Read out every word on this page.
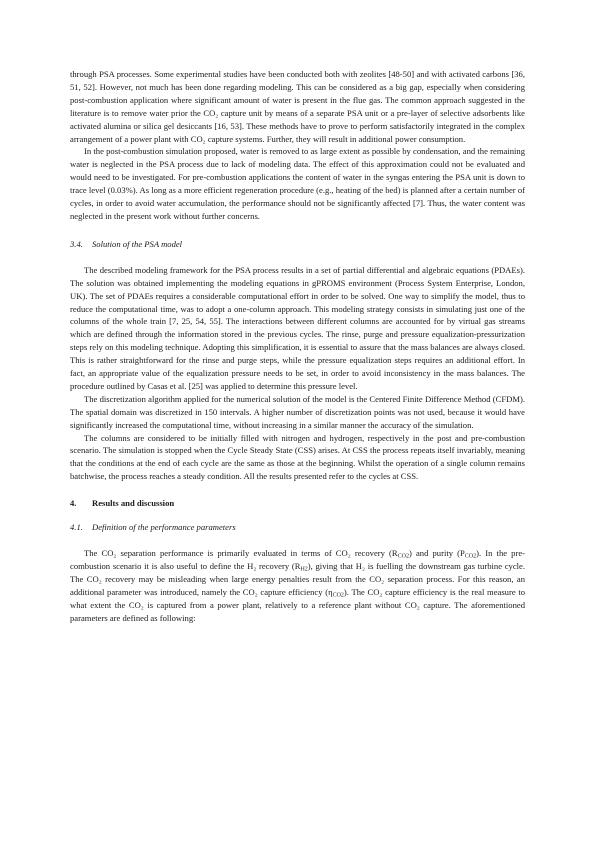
through PSA processes. Some experimental studies have been conducted both with zeolites [48-50] and with activated carbons [36, 51, 52]. However, not much has been done regarding modeling. This can be considered as a big gap, especially when considering post-combustion application where significant amount of water is present in the flue gas. The common approach suggested in the literature is to remove water prior the CO₂ capture unit by means of a separate PSA unit or a pre-layer of selective adsorbents like activated alumina or silica gel desiccants [16, 53]. These methods have to prove to perform satisfactorily integrated in the complex arrangement of a power plant with CO₂ capture systems. Further, they will result in additional power consumption.

In the post-combustion simulation proposed, water is removed to as large extent as possible by condensation, and the remaining water is neglected in the PSA process due to lack of modeling data. The effect of this approximation could not be evaluated and would need to be investigated. For pre-combustion applications the content of water in the syngas entering the PSA unit is down to trace level (0.03%). As long as a more efficient regeneration procedure (e.g., heating of the bed) is planned after a certain number of cycles, in order to avoid water accumulation, the performance should not be significantly affected [7]. Thus, the water content was neglected in the present work without further concerns.

3.4. Solution of the PSA model

The described modeling framework for the PSA process results in a set of partial differential and algebraic equations (PDAEs). The solution was obtained implementing the modeling equations in gPROMS environment (Process System Enterprise, London, UK). The set of PDAEs requires a considerable computational effort in order to be solved. One way to simplify the model, thus to reduce the computational time, was to adopt a one-column approach. This modeling strategy consists in simulating just one of the columns of the whole train [7, 25, 54, 55]. The interactions between different columns are accounted for by virtual gas streams which are defined through the information stored in the previous cycles. The rinse, purge and pressure equalization-pressurization steps rely on this modeling technique. Adopting this simplification, it is essential to assure that the mass balances are always closed. This is rather straightforward for the rinse and purge steps, while the pressure equalization steps requires an additional effort. In fact, an appropriate value of the equalization pressure needs to be set, in order to avoid inconsistency in the mass balances. The procedure outlined by Casas et al. [25] was applied to determine this pressure level.

The discretization algorithm applied for the numerical solution of the model is the Centered Finite Difference Method (CFDM). The spatial domain was discretized in 150 intervals. A higher number of discretization points was not used, because it would have significantly increased the computational time, without increasing in a similar manner the accuracy of the simulation.

The columns are considered to be initially filled with nitrogen and hydrogen, respectively in the post and pre-combustion scenario. The simulation is stopped when the Cycle Steady State (CSS) arises. At CSS the process repeats itself invariably, meaning that the conditions at the end of each cycle are the same as those at the beginning. Whilst the operation of a single column remains batchwise, the process reaches a steady condition. All the results presented refer to the cycles at CSS.

4. Results and discussion
4.1. Definition of the performance parameters

The CO₂ separation performance is primarily evaluated in terms of CO₂ recovery $(R_{CO2})$ and purity $(P_{CO2})$. In the pre-combustion scenario it is also useful to define the H₂ recovery $(R_{H2})$, giving that H₂ is fuelling the downstream gas turbine cycle. The CO₂ recovery may be misleading when large energy penalties result from the CO₂ separation process. For this reason, an additional parameter was introduced, namely the CO₂ capture efficiency $(\eta_{CO2})$. The CO₂ capture efficiency is the real measure to what extent the CO₂ is captured from a power plant, relatively to a reference plant without CO₂ capture. The aforementioned parameters are defined as following:
